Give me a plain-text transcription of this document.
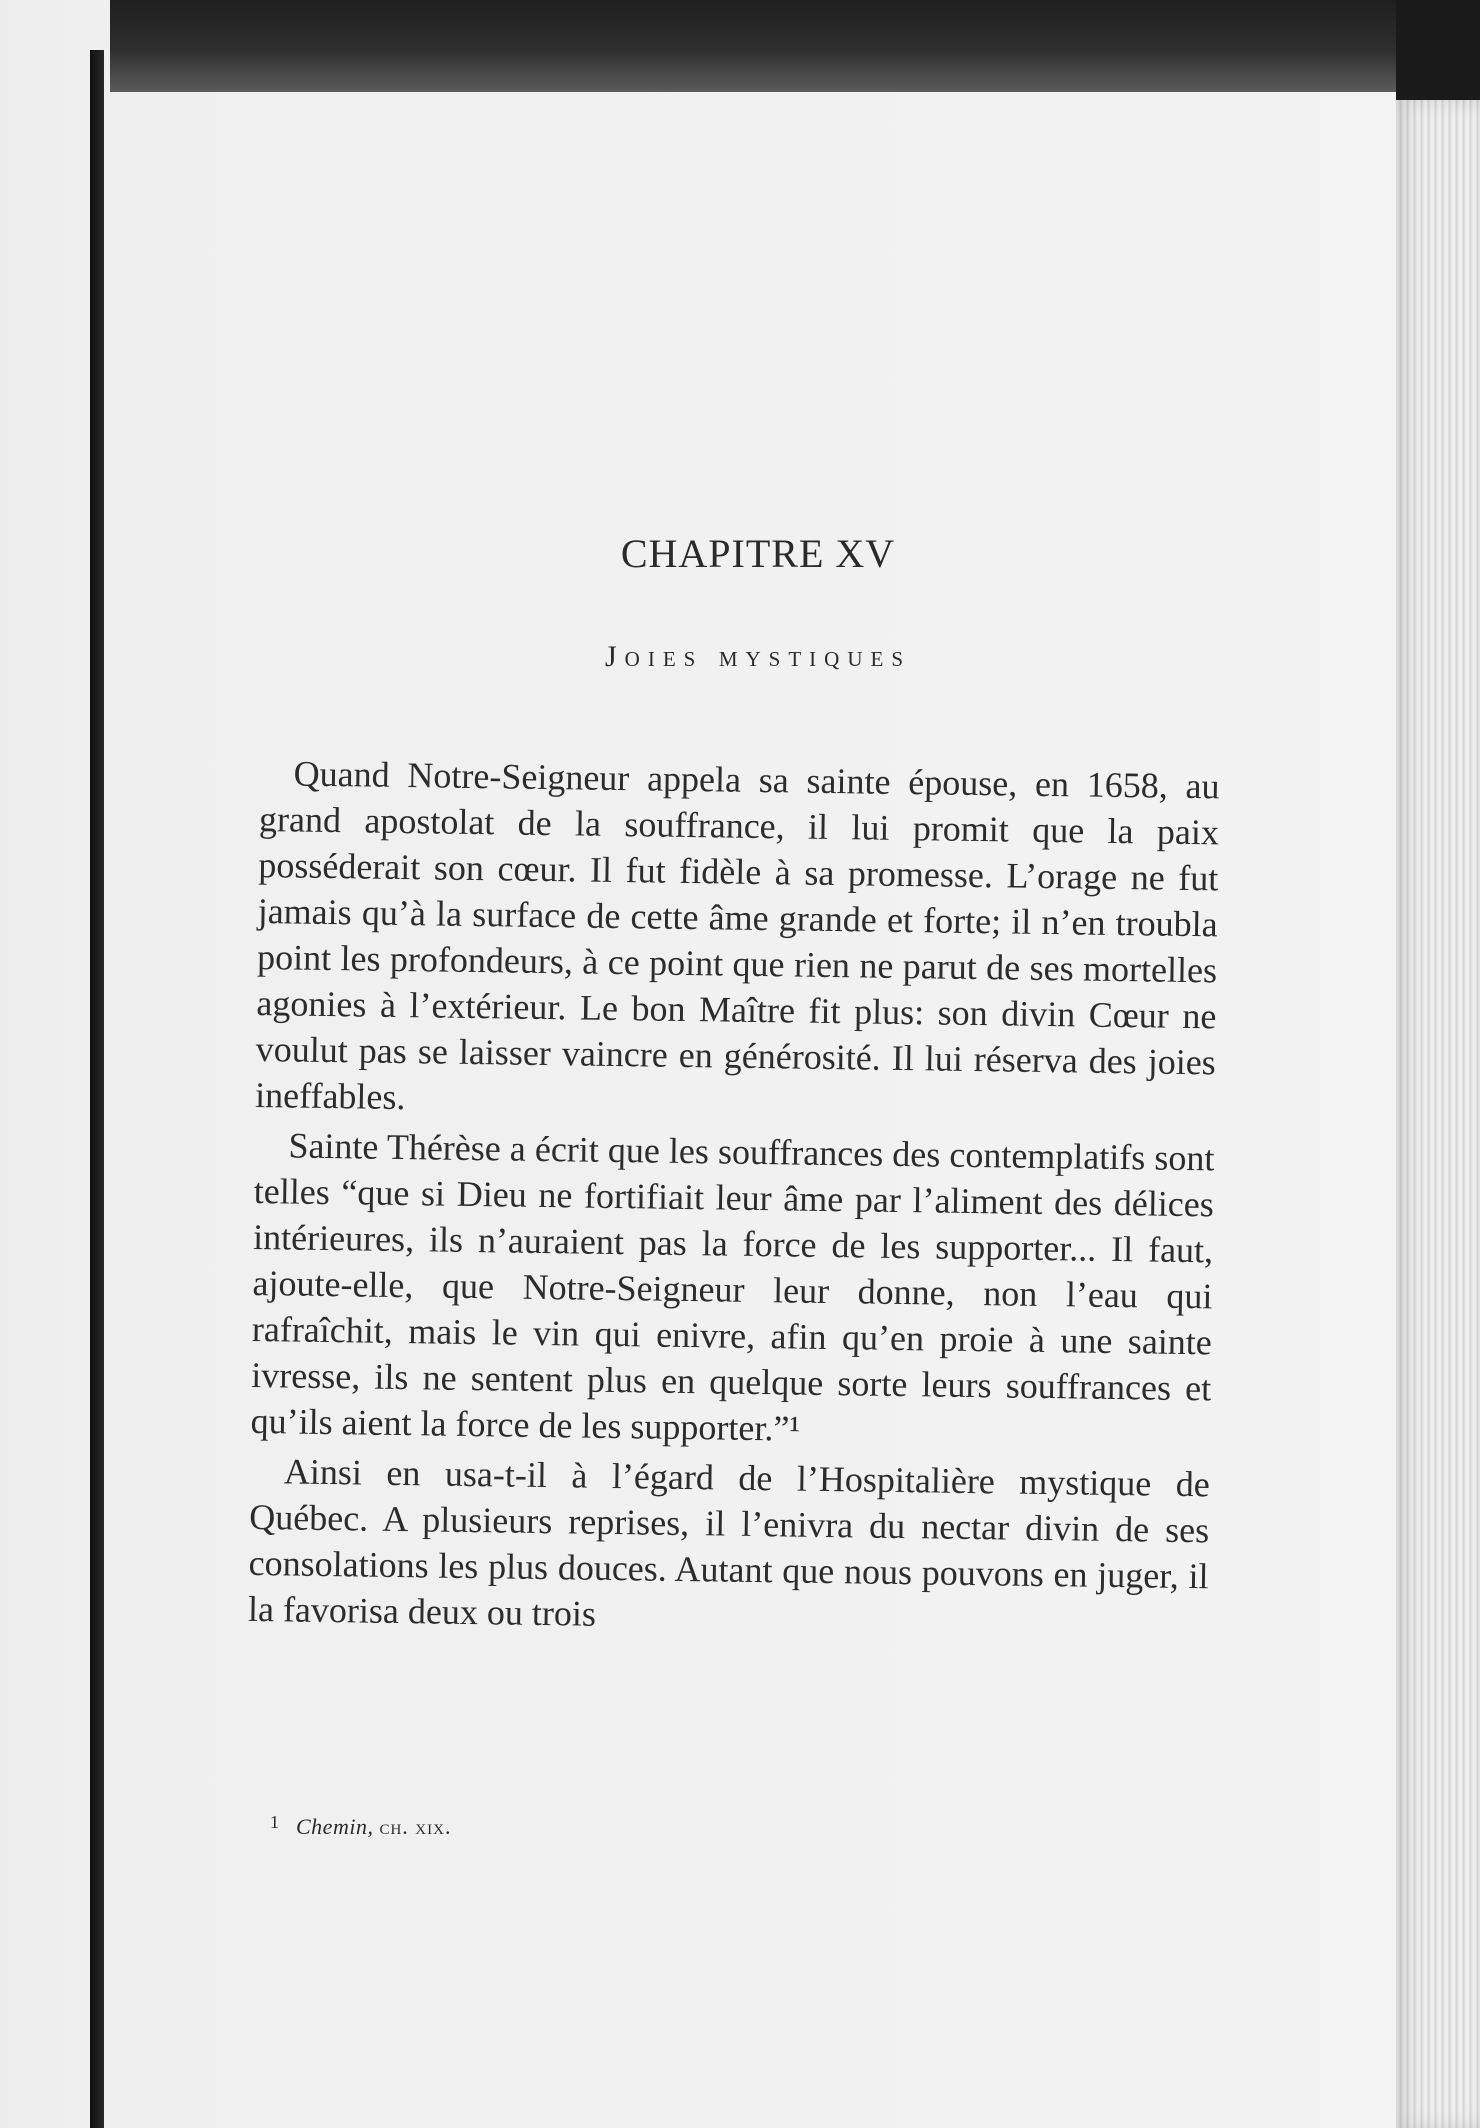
CHAPITRE XV
Joies mystiques

Quand Notre-Seigneur appela sa sainte épouse, en 1658, au grand apostolat de la souffrance, il lui promit que la paix posséderait son cœur. Il fut fidèle à sa promesse. L’orage ne fut jamais qu’à la surface de cette âme grande et forte; il n’en troubla point les profondeurs, à ce point que rien ne parut de ses mortelles agonies à l’extérieur. Le bon Maître fit plus: son divin Cœur ne voulut pas se laisser vaincre en générosité. Il lui réserva des joies ineffables.

Sainte Thérèse a écrit que les souffrances des contemplatifs sont telles “que si Dieu ne fortifiait leur âme par l’aliment des délices intérieures, ils n’auraient pas la force de les supporter... Il faut, ajoute-elle, que Notre-Seigneur leur donne, non l’eau qui rafraîchit, mais le vin qui enivre, afin qu’en proie à une sainte ivresse, ils ne sentent plus en quelque sorte leurs souffrances et qu’ils aient la force de les supporter.”¹

Ainsi en usa-t-il à l’égard de l’Hospitalière mystique de Québec. A plusieurs reprises, il l’enivra du nectar divin de ses consolations les plus douces. Autant que nous pouvons en juger, il la favorisa deux ou trois

1 Chemin, ch. xix.
